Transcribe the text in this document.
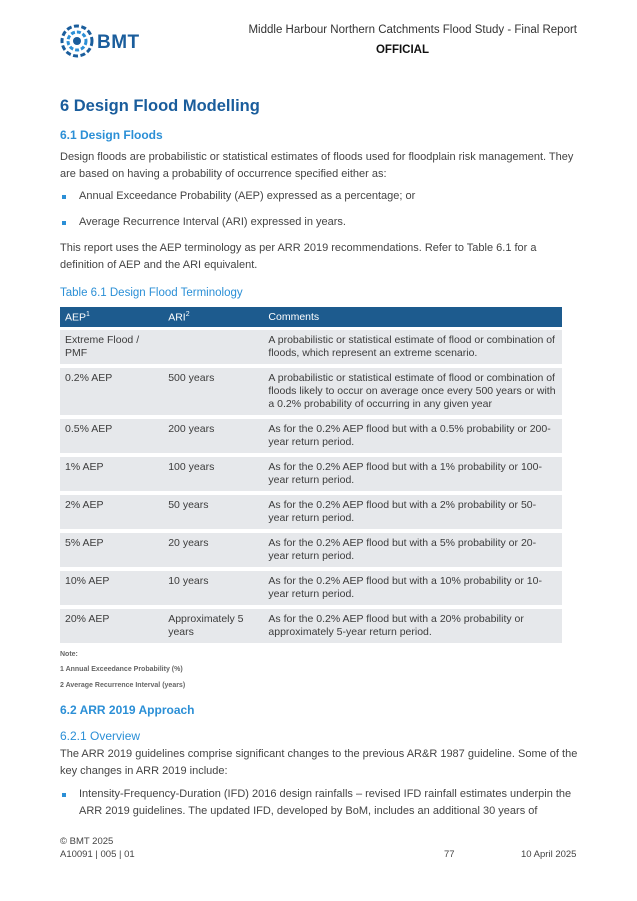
BMT
Middle Harbour Northern Catchments Flood Study - Final Report
OFFICIAL
6 Design Flood Modelling
6.1 Design Floods
Design floods are probabilistic or statistical estimates of floods used for floodplain risk management. They are based on having a probability of occurrence specified either as:
Annual Exceedance Probability (AEP) expressed as a percentage; or
Average Recurrence Interval (ARI) expressed in years.
This report uses the AEP terminology as per ARR 2019 recommendations. Refer to Table 6.1 for a definition of AEP and the ARI equivalent.
Table 6.1 Design Flood Terminology
AEP$^1$	ARI$^2$	Comments
Extreme Flood / PMF		A probabilistic or statistical estimate of flood or combination of floods, which represent an extreme scenario.
0.2% AEP	500 years	A probabilistic or statistical estimate of flood or combination of floods likely to occur on average once every 500 years or with a 0.2% probability of occurring in any given year
0.5% AEP	200 years	As for the 0.2% AEP flood but with a 0.5% probability or 200-year return period.
1% AEP	100 years	As for the 0.2% AEP flood but with a 1% probability or 100-year return period.
2% AEP	50 years	As for the 0.2% AEP flood but with a 2% probability or 50-year return period.
5% AEP	20 years	As for the 0.2% AEP flood but with a 5% probability or 20-year return period.
10% AEP	10 years	As for the 0.2% AEP flood but with a 10% probability or 10-year return period.
20% AEP	Approximately 5 years	As for the 0.2% AEP flood but with a 20% probability or approximately 5-year return period.
Note:
1 Annual Exceedance Probability (%)
2 Average Recurrence Interval (years)
6.2 ARR 2019 Approach
6.2.1 Overview
The ARR 2019 guidelines comprise significant changes to the previous AR&R 1987 guideline. Some of the key changes in ARR 2019 include:
Intensity-Frequency-Duration (IFD) 2016 design rainfalls – revised IFD rainfall estimates underpin the ARR 2019 guidelines. The updated IFD, developed by BoM, includes an additional 30 years of
© BMT 2025
A10091 | 005 | 01	77	10 April 2025
